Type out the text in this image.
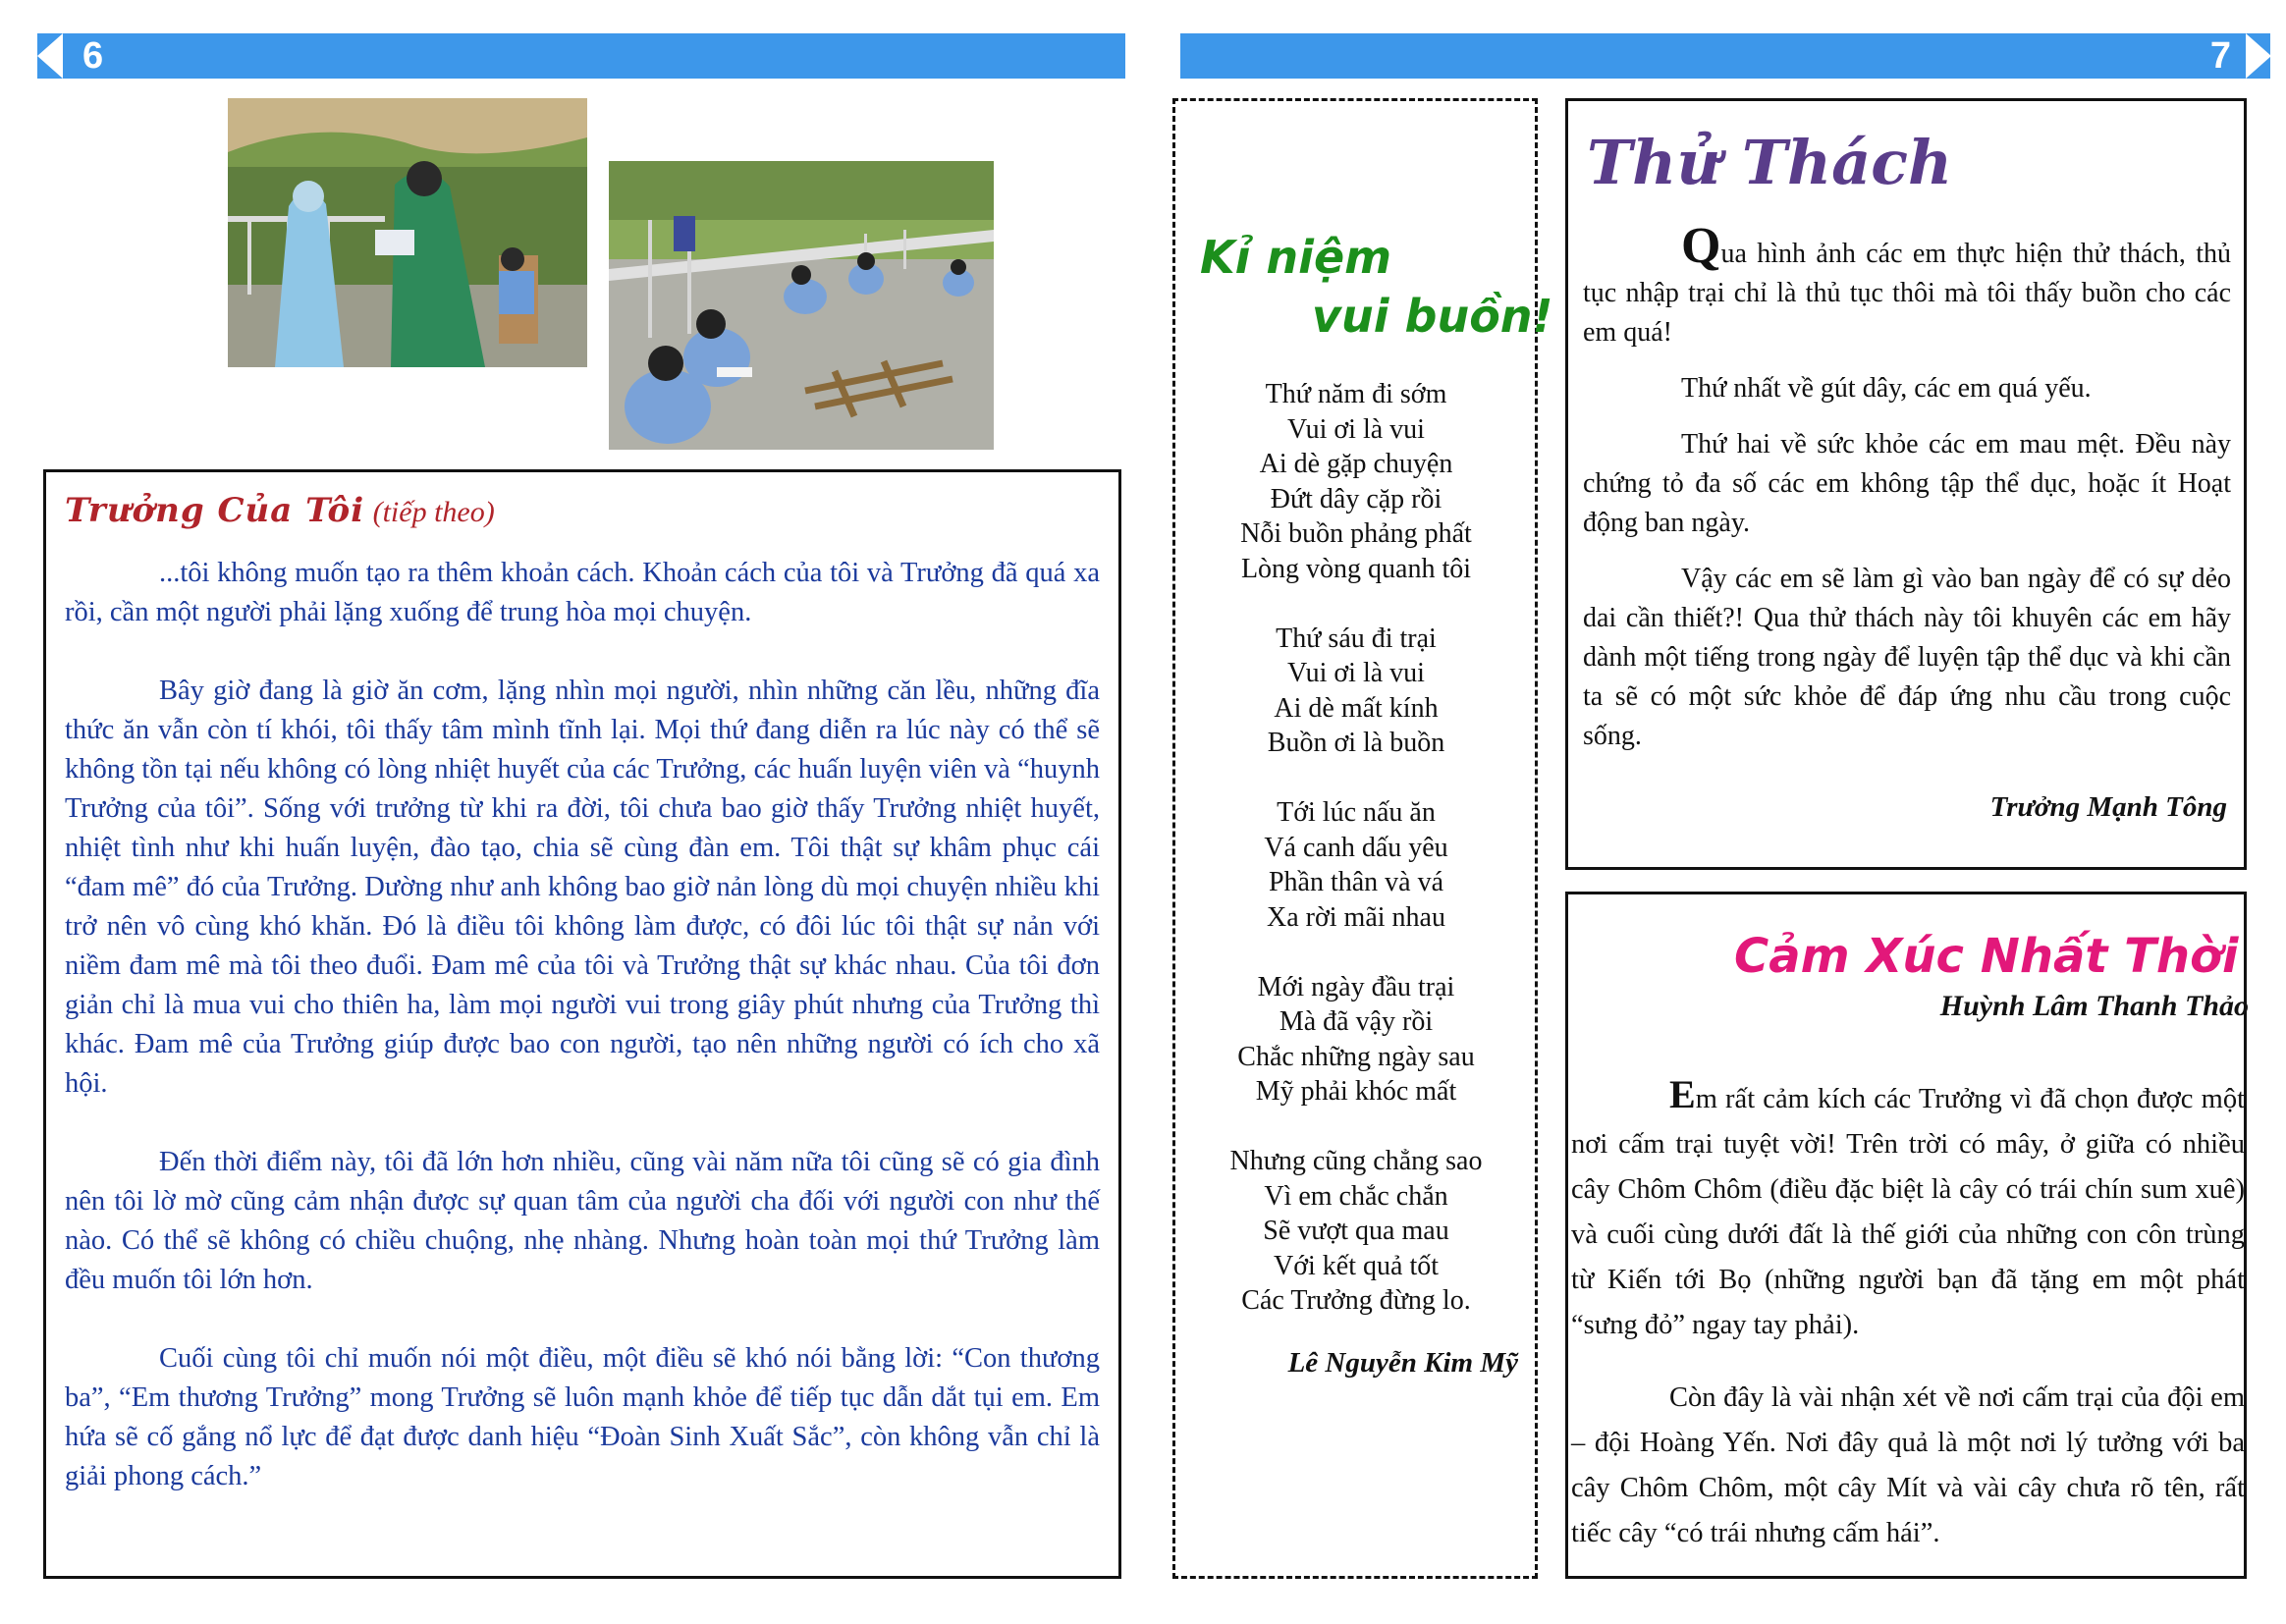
6	7
Trưởng Của Tôi (tiếp theo)

...tôi không muốn tạo ra thêm khoản cách. Khoản cách của tôi và Trưởng đã quá xa rồi, cần một người phải lặng xuống để trung hòa mọi chuyện.

Bây giờ đang là giờ ăn cơm, lặng nhìn mọi người, nhìn những căn lều, những đĩa thức ăn vẫn còn tí khói, tôi thấy tâm mình tĩnh lại. Mọi thứ đang diễn ra lúc này có thể sẽ không tồn tại nếu không có lòng nhiệt huyết của các Trưởng, các huấn luyện viên và “huynh Trưởng của tôi”. Sống với trưởng từ khi ra đời, tôi chưa bao giờ thấy Trưởng nhiệt huyết, nhiệt tình như khi huấn luyện, đào tạo, chia sẽ cùng đàn em. Tôi thật sự khâm phục cái “đam mê” đó của Trưởng. Dường như anh không bao giờ nản lòng dù mọi chuyện nhiều khi trở nên vô cùng khó khăn. Đó là điều tôi không làm được, có đôi lúc tôi thật sự nản với niềm đam mê mà tôi theo đuổi. Đam mê của tôi và Trưởng thật sự khác nhau. Của tôi đơn giản chỉ là mua vui cho thiên ha, làm mọi người vui trong giây phút nhưng của Trưởng thì khác. Đam mê của Trưởng giúp được bao con người, tạo nên những người có ích cho xã hội.

Đến thời điểm này, tôi đã lớn hơn nhiều, cũng vài năm nữa tôi cũng sẽ có gia đình nên tôi lờ mờ cũng cảm nhận được sự quan tâm của người cha đối với người con như thế nào. Có thể sẽ không có chiều chuộng, nhẹ nhàng. Nhưng hoàn toàn mọi thứ Trưởng làm đều muốn tôi lớn hơn.

Cuối cùng tôi chỉ muốn nói một điều, một điều sẽ khó nói bằng lời: “Con thương ba”, “Em thương Trưởng” mong Trưởng sẽ luôn mạnh khỏe để tiếp tục dẫn dắt tụi em. Em hứa sẽ cố gắng nổ lực để đạt được danh hiệu “Đoàn Sinh Xuất Sắc”, còn không vẫn chỉ là giải phong cách.”

Kỉ niệm
vui buồn!
Thứ năm đi sớm
Vui ơi là vui
Ai dè gặp chuyện
Đứt dây cặp rồi
Nỗi buồn phảng phất
Lòng vòng quanh tôi
Thứ sáu đi trại
Vui ơi là vui
Ai dè mất kính
Buồn ơi là buồn
Tới lúc nấu ăn
Vá canh dấu yêu
Phần thân và vá
Xa rời mãi nhau
Mới ngày đầu trại
Mà đã vậy rồi
Chắc những ngày sau
Mỹ phải khóc mất
Nhưng cũng chẳng sao
Vì em chắc chắn
Sẽ vượt qua mau
Với kết quả tốt
Các Trưởng đừng lo.
Lê Nguyễn Kim Mỹ
Thử Thách

Qua hình ảnh các em thực hiện thử thách, thủ tục nhập trại chỉ là thủ tục thôi mà tôi thấy buồn cho các em quá!

Thứ nhất về gút dây, các em quá yếu.

Thứ hai về sức khỏe các em mau mệt. Đều này chứng tỏ đa số các em không tập thể dục, hoặc ít Hoạt động ban ngày.

Vậy các em sẽ làm gì vào ban ngày để có sự dẻo dai cần thiết?! Qua thử thách này tôi khuyên các em hãy dành một tiếng trong ngày để luyện tập thể dục và khi cần ta sẽ có một sức khỏe để đáp ứng nhu cầu trong cuộc sống.

Trưởng Mạnh Tông
Cảm Xúc Nhất Thời
Huỳnh Lâm Thanh Thảo

Em rất cảm kích các Trưởng vì đã chọn được một nơi cấm trại tuyệt vời! Trên trời có mây, ở giữa có nhiều cây Chôm Chôm (điều đặc biệt là cây có trái chín sum xuê) và cuối cùng dưới đất là thế giới của những con côn trùng từ Kiến tới Bọ (những người bạn đã tặng em một phát “sưng đỏ” ngay tay phải).

Còn đây là vài nhận xét về nơi cấm trại của đội em – đội Hoàng Yến. Nơi đây quả là một nơi lý tưởng với ba cây Chôm Chôm, một cây Mít và vài cây chưa rõ tên, rất tiếc cây “có trái nhưng cấm hái”.
